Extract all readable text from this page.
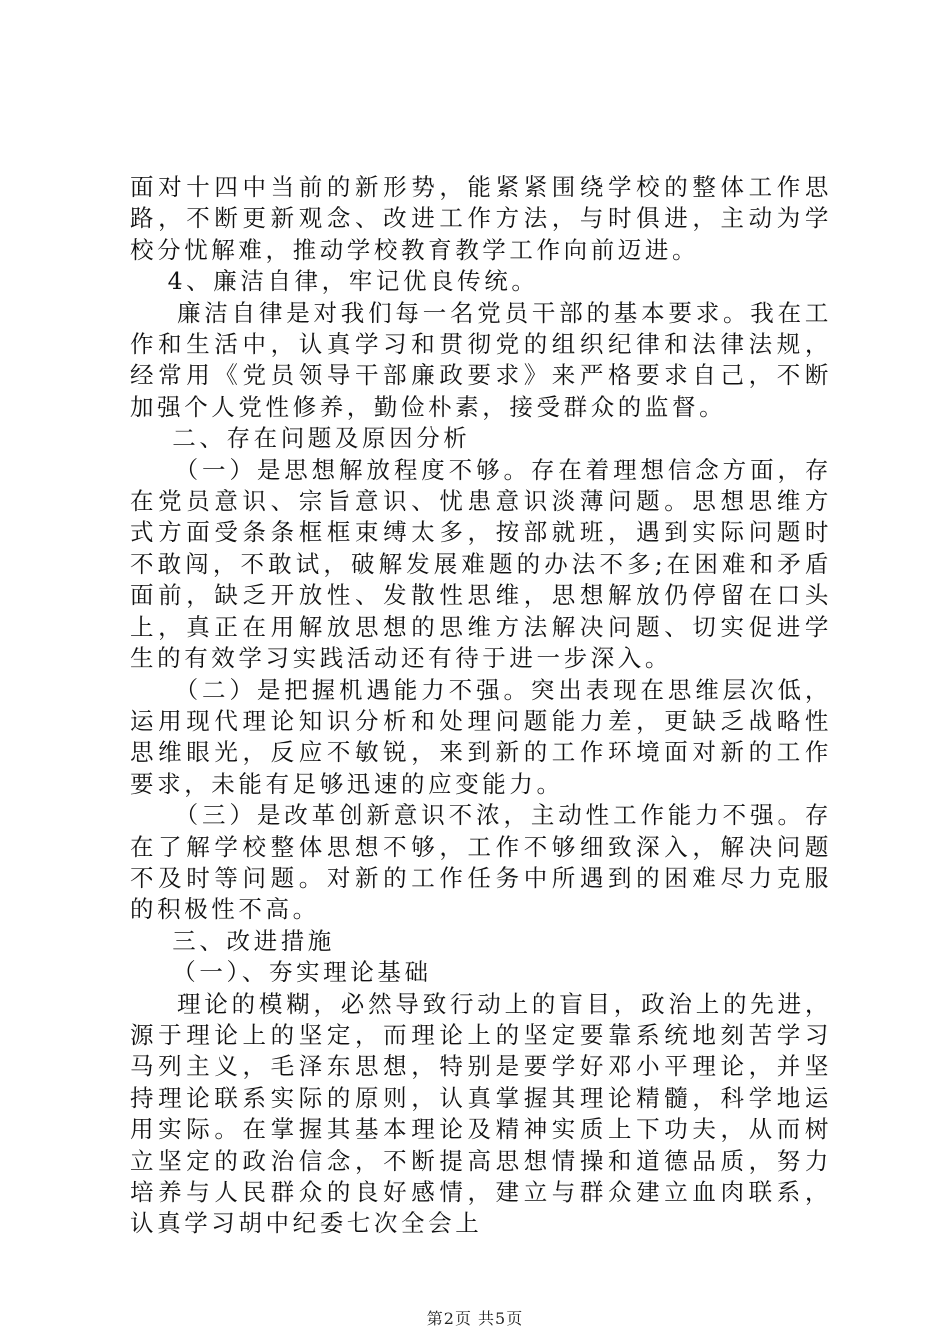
面对十四中当前的新形势，能紧紧围绕学校的整体工作思路，不断更新观念、改进工作方法，与时俱进，主动为学校分忧解难，推动学校教育教学工作向前迈进。

4、廉洁自律，牢记优良传统。

廉洁自律是对我们每一名党员干部的基本要求。我在工作和生活中，认真学习和贯彻党的组织纪律和法律法规，经常用《党员领导干部廉政要求》来严格要求自己，不断加强个人党性修养，勤俭朴素，接受群众的监督。

二、存在问题及原因分析

（一）是思想解放程度不够。存在着理想信念方面，存在党员意识、宗旨意识、忧患意识淡薄问题。思想思维方式方面受条条框框束缚太多，按部就班，遇到实际问题时不敢闯，不敢试，破解发展难题的办法不多;在困难和矛盾面前，缺乏开放性、发散性思维，思想解放仍停留在口头上，真正在用解放思想的思维方法解决问题、切实促进学生的有效学习实践活动还有待于进一步深入。

（二）是把握机遇能力不强。突出表现在思维层次低，运用现代理论知识分析和处理问题能力差，更缺乏战略性思维眼光，反应不敏锐，来到新的工作环境面对新的工作要求，未能有足够迅速的应变能力。

（三）是改革创新意识不浓，主动性工作能力不强。存在了解学校整体思想不够，工作不够细致深入，解决问题不及时等问题。对新的工作任务中所遇到的困难尽力克服的积极性不高。

三、改进措施

（一）、夯实理论基础

理论的模糊，必然导致行动上的盲目，政治上的先进，源于理论上的坚定，而理论上的坚定要靠系统地刻苦学习马列主义，毛泽东思想，特别是要学好邓小平理论，并坚持理论联系实际的原则，认真掌握其理论精髓，科学地运用实际。在掌握其基本理论及精神实质上下功夫，从而树立坚定的政治信念，不断提高思想情操和道德品质，努力培养与人民群众的良好感情，建立与群众建立血肉联系，认真学习胡中纪委七次全会上

第2页 共5页
